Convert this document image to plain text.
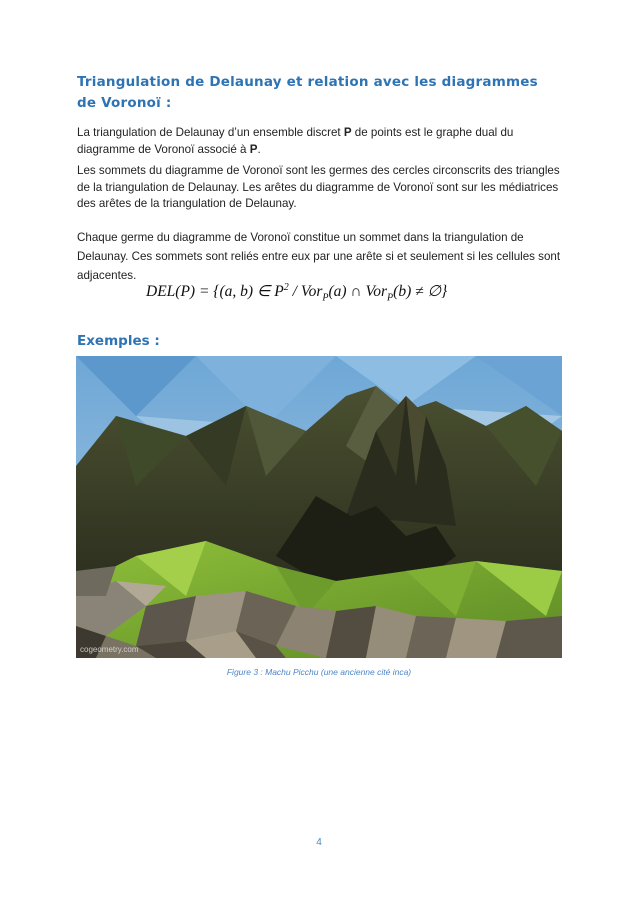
Triangulation de Delaunay et relation avec les diagrammes de Voronoï :

La triangulation de Delaunay d’un ensemble discret P de points est le graphe dual du diagramme de Voronoï associé à P.

Les sommets du diagramme de Voronoï sont les germes des cercles circonscrits des triangles de la triangulation de Delaunay. Les arêtes du diagramme de Voronoï sont sur les médiatrices des arêtes de la triangulation de Delaunay.

Chaque germe du diagramme de Voronoï constitue un sommet dans la triangulation de Delaunay. Ces sommets sont reliés entre eux par une arête si et seulement si les cellules sont adjacentes.

DEL(P) = {(a, b) ∈ $P^2 / Vor_P(a)$ ∩ Vor$_P$(b) ≠ ∅}
Exemples :
cogeometry.com
Figure 3 : Machu Picchu (une ancienne cité inca)
4
